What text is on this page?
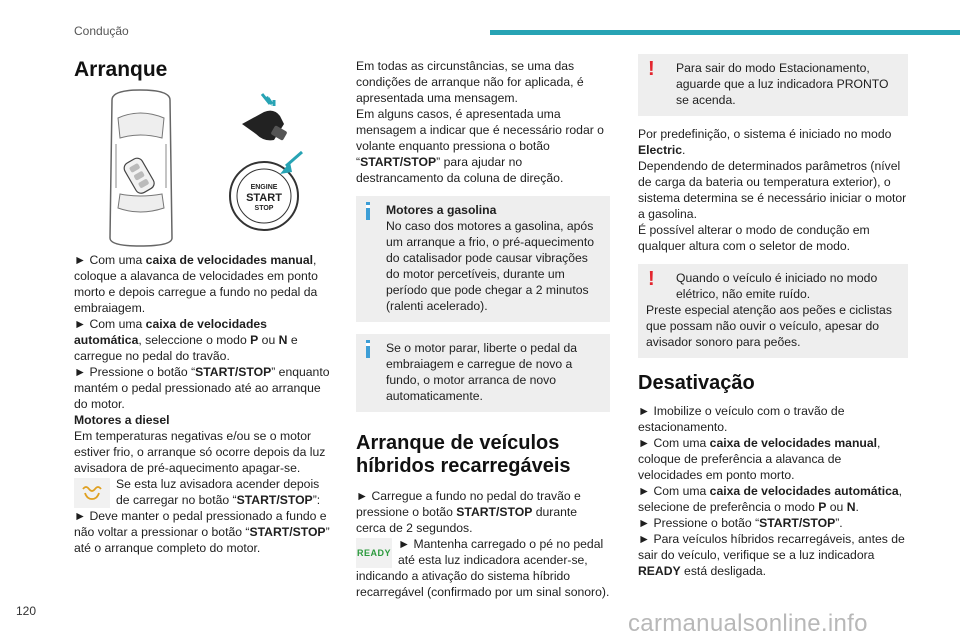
Condução
120	carmanualsonline.info
Arranque
ENGINE
START
STOP

► Com uma caixa de velocidades manual, coloque a alavanca de velocidades em ponto morto e depois carregue a fundo no pedal da embraiagem.

► Com uma caixa de velocidades automática, seleccione o modo P ou N e carregue no pedal do travão.

► Pressione o botão “START/STOP” enquanto mantém o pedal pressionado até ao arranque do motor.

Motores a diesel

Em temperaturas negativas e/ou se o motor estiver frio, o arranque só ocorre depois da luz avisadora de pré-aquecimento apagar-se.

Se esta luz avisadora acender depois de carregar no botão “START/STOP”:

► Deve manter o pedal pressionado a fundo e não voltar a pressionar o botão “START/STOP” até o arranque completo do motor.

Em todas as circunstâncias, se uma das condições de arranque não for aplicada, é apresentada uma mensagem.

Em alguns casos, é apresentada uma mensagem a indicar que é necessário rodar o volante enquanto pressiona o botão “START/STOP” para ajudar no destrancamento da coluna de direção.

Motores a gasolina

No caso dos motores a gasolina, após um arranque a frio, o pré-aquecimento do catalisador pode causar vibrações do motor percetíveis, durante um período que pode chegar a 2 minutos (ralenti acelerado).

Se o motor parar, liberte o pedal da embraiagem e carregue de novo a fundo, o motor arranca de novo automaticamente.

Arranque de veículos híbridos recarregáveis

► Carregue a fundo no pedal do travão e pressione o botão START/STOP durante cerca de 2 segundos.

READY
► Mantenha carregado o pé no pedal até esta luz indicadora acender-se, indicando a ativação do sistema híbrido recarregável (confirmado por um sinal sonoro).
!	Para sair do modo Estacionamento, aguarde que a luz indicadora PRONTO se acenda.

Por predefinição, o sistema é iniciado no modo Electric.

Dependendo de determinados parâmetros (nível de carga da bateria ou temperatura exterior), o sistema determina se é necessário iniciar o motor a gasolina.

É possível alterar o modo de condução em qualquer altura com o seletor de modo.

!	Quando o veículo é iniciado no modo elétrico, não emite ruído.

Preste especial atenção aos peões e ciclistas que possam não ouvir o veículo, apesar do avisador sonoro para peões.

Desativação

► Imobilize o veículo com o travão de estacionamento.

► Com uma caixa de velocidades manual, coloque de preferência a alavanca de velocidades em ponto morto.

► Com uma caixa de velocidades automática, selecione de preferência o modo P ou N.

► Pressione o botão “START/STOP”.

► Para veículos híbridos recarregáveis, antes de sair do veículo, verifique se a luz indicadora READY está desligada.
